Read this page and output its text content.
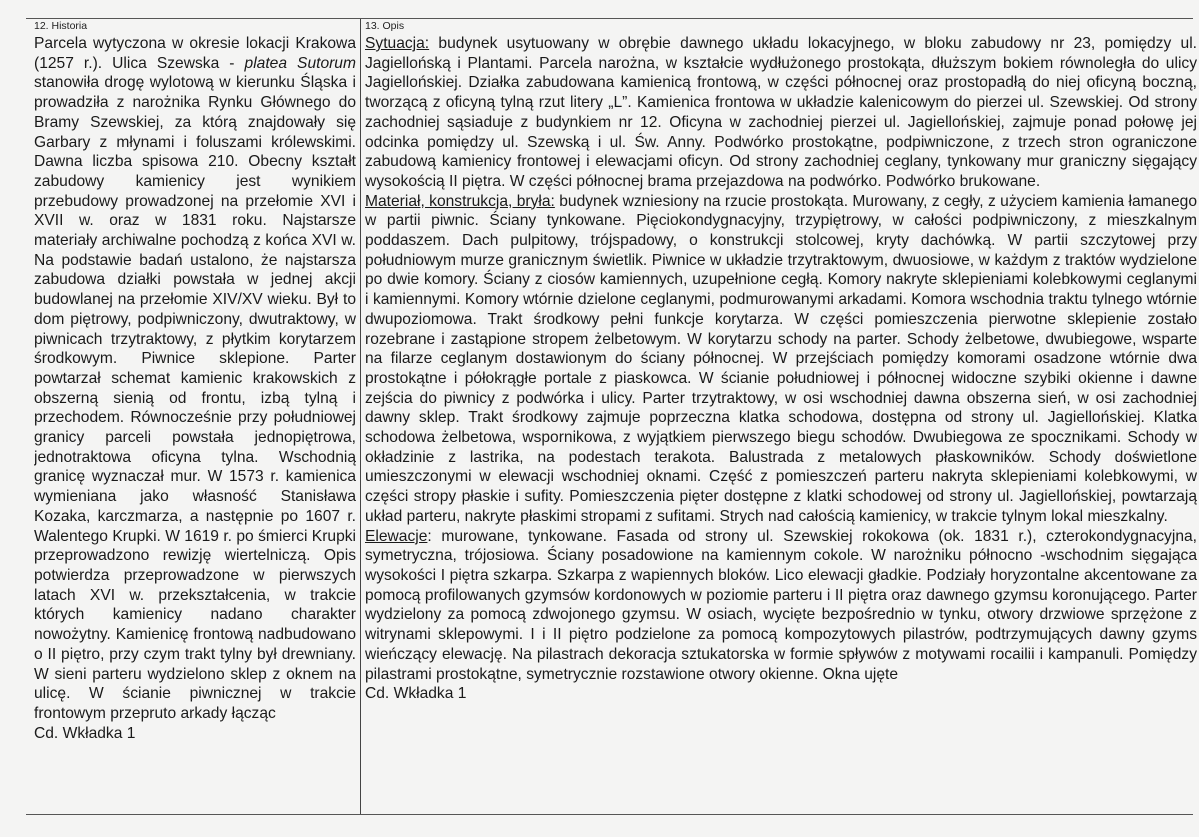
12. Historia
Parcela wytyczona w okresie lokacji Krakowa (1257 r.). Ulica Szewska - platea Sutorum stanowiła drogę wylotową w kierunku Śląska i prowadziła z narożnika Rynku Głównego do Bramy Szewskiej, za którą znajdowały się Garbary z młynami i foluszami królewskimi. Dawna liczba spisowa 210. Obecny kształt zabudowy kamienicy jest wynikiem przebudowy prowadzonej na przełomie XVI i XVII w. oraz w 1831 roku. Najstarsze materiały archiwalne pochodzą z końca XVI w. Na podstawie badań ustalono, że najstarsza zabudowa działki powstała w jednej akcji budowlanej na przełomie XIV/XV wieku. Był to dom piętrowy, podpiwniczony, dwutraktowy, w piwnicach trzytraktowy, z płytkim korytarzem środkowym. Piwnice sklepione. Parter powtarzał schemat kamienic krakowskich z obszerną sienią od frontu, izbą tylną i przechodem. Równocześnie przy południowej granicy parceli powstała jednopiętrowa, jednotraktowa oficyna tylna. Wschodnią granicę wyznaczał mur. W 1573 r. kamienica wymieniana jako własność Stanisława Kozaka, karczmarza, a następnie po 1607 r. Walentego Krupki. W 1619 r. po śmierci Krupki przeprowadzono rewizję wiertelniczą. Opis potwierdza przeprowadzone w pierwszych latach XVI w. przekształcenia, w trakcie których kamienicy nadano charakter nowożytny. Kamienicę frontową nadbudowano o II piętro, przy czym trakt tylny był drewniany. W sieni parteru wydzielono sklep z oknem na ulicę. W ścianie piwnicznej w trakcie frontowym przepruto arkady łącząc
Cd. Wkładka 1
13. Opis

Sytuacja: budynek usytuowany w obrębie dawnego układu lokacyjnego, w bloku zabudowy nr 23, pomiędzy ul. Jagiellońską i Plantami. Parcela narożna, w kształcie wydłużonego prostokąta, dłuższym bokiem równoległa do ulicy Jagiellońskiej. Działka zabudowana kamienicą frontową, w części północnej oraz prostopadłą do niej oficyną boczną, tworzącą z oficyną tylną rzut litery „L”. Kamienica frontowa w układzie kalenicowym do pierzei ul. Szewskiej. Od strony zachodniej sąsiaduje z budynkiem nr 12. Oficyna w zachodniej pierzei ul. Jagiellońskiej, zajmuje ponad połowę jej odcinka pomiędzy ul. Szewską i ul. Św. Anny. Podwórko prostokątne, podpiwniczone, z trzech stron ograniczone zabudową kamienicy frontowej i elewacjami oficyn. Od strony zachodniej ceglany, tynkowany mur graniczny sięgający wysokością II piętra. W części północnej brama przejazdowa na podwórko. Podwórko brukowane.

Materiał, konstrukcja, bryła: budynek wzniesiony na rzucie prostokąta. Murowany, z cegły, z użyciem kamienia łamanego w partii piwnic. Ściany tynkowane. Pięciokondygnacyjny, trzypiętrowy, w całości podpiwniczony, z mieszkalnym poddaszem. Dach pulpitowy, trójspadowy, o konstrukcji stolcowej, kryty dachówką. W partii szczytowej przy południowym murze granicznym świetlik. Piwnice w układzie trzytraktowym, dwuosiowe, w każdym z traktów wydzielone po dwie komory. Ściany z ciosów kamiennych, uzupełnione cegłą. Komory nakryte sklepieniami kolebkowymi ceglanymi i kamiennymi. Komory wtórnie dzielone ceglanymi, podmurowanymi arkadami. Komora wschodnia traktu tylnego wtórnie dwupoziomowa. Trakt środkowy pełni funkcje korytarza. W części pomieszczenia pierwotne sklepienie zostało rozebrane i zastąpione stropem żelbetowym. W korytarzu schody na parter. Schody żelbetowe, dwubiegowe, wsparte na filarze ceglanym dostawionym do ściany północnej. W przejściach pomiędzy komorami osadzone wtórnie dwa prostokątne i półokrągłe portale z piaskowca. W ścianie południowej i północnej widoczne szybiki okienne i dawne zejścia do piwnicy z podwórka i ulicy. Parter trzytraktowy, w osi wschodniej dawna obszerna sień, w osi zachodniej dawny sklep. Trakt środkowy zajmuje poprzeczna klatka schodowa, dostępna od strony ul. Jagiellońskiej. Klatka schodowa żelbetowa, wspornikowa, z wyjątkiem pierwszego biegu schodów. Dwubiegowa ze spocznikami. Schody w okładzinie z lastrika, na podestach terakota. Balustrada z metalowych płaskowników. Schody doświetlone umieszczonymi w elewacji wschodniej oknami. Część z pomieszczeń parteru nakryta sklepieniami kolebkowymi, w części stropy płaskie i sufity. Pomieszczenia pięter dostępne z klatki schodowej od strony ul. Jagiellońskiej, powtarzają układ parteru, nakryte płaskimi stropami z sufitami. Strych nad całością kamienicy, w trakcie tylnym lokal mieszkalny.

Elewacje: murowane, tynkowane. Fasada od strony ul. Szewskiej rokokowa (ok. 1831 r.), czterokondygnacyjna, symetryczna, trójosiowa. Ściany posadowione na kamiennym cokole. W narożniku północno -wschodnim sięgająca wysokości I piętra szkarpa. Szkarpa z wapiennych bloków. Lico elewacji gładkie. Podziały horyzontalne akcentowane za pomocą profilowanych gzymsów kordonowych w poziomie parteru i II piętra oraz dawnego gzymsu koronującego. Parter wydzielony za pomocą zdwojonego gzymsu. W osiach, wycięte bezpośrednio w tynku, otwory drzwiowe sprzężone z witrynami sklepowymi. I i II piętro podzielone za pomocą kompozytowych pilastrów, podtrzymujących dawny gzyms wieńczący elewację. Na pilastrach dekoracja sztukatorska w formie spływów z motywami rocailii i kampanuli. Pomiędzy pilastrami prostokątne, symetrycznie rozstawione otwory okienne. Okna ujęte

Cd. Wkładka 1
